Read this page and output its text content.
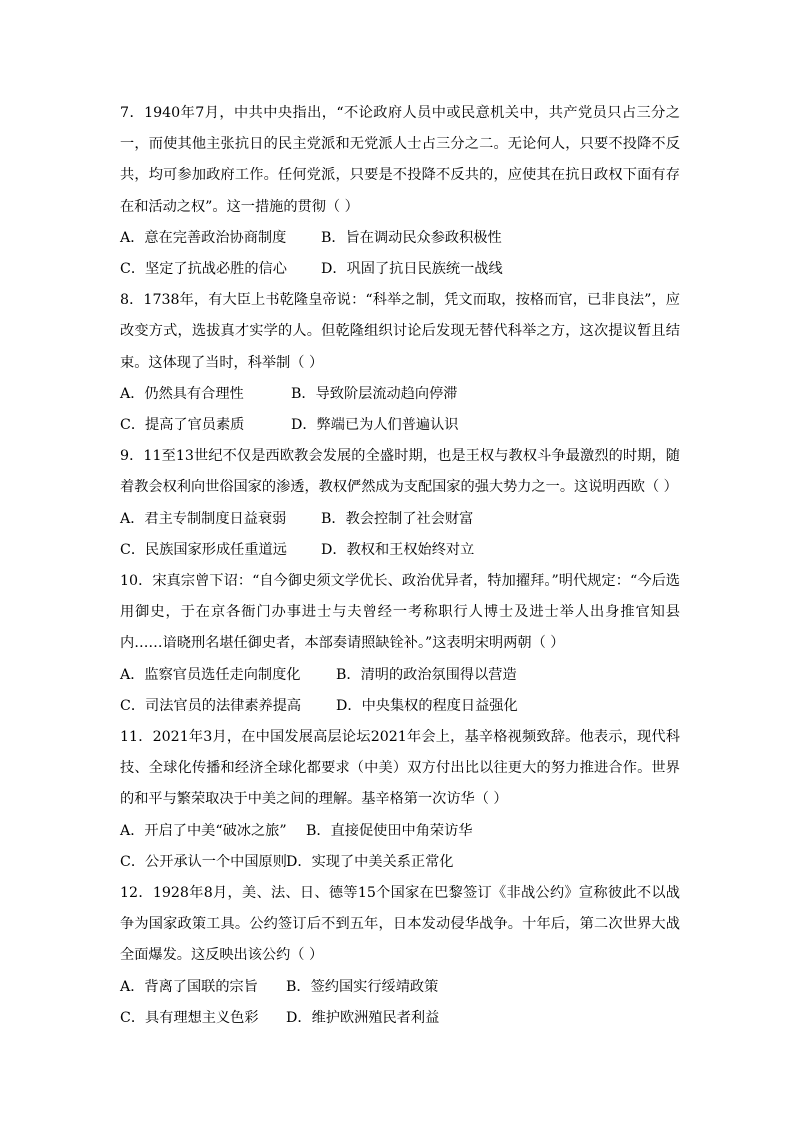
7．1940年7月，中共中央指出，“不论政府人员中或民意机关中，共产党员只占三分之一，而使其他主张抗日的民主党派和无党派人士占三分之二。无论何人，只要不投降不反共，均可参加政府工作。任何党派，只要是不投降不反共的，应使其在抗日政权下面有存在和活动之权”。这一措施的贯彻（ ）

A．意在完善政治协商制度	B．旨在调动民众参政积极性
C．坚定了抗战必胜的信心	D．巩固了抗日民族统一战线

8．1738年，有大臣上书乾隆皇帝说：“科举之制，凭文而取，按格而官，已非良法”，应改变方式，选拔真才实学的人。但乾隆组织讨论后发现无替代科举之方，这次提议暂且结束。这体现了当时，科举制（ ）

A．仍然具有合理性	B．导致阶层流动趋向停滞
C．提高了官员素质	D．弊端已为人们普遍认识

9．11至13世纪不仅是西欧教会发展的全盛时期，也是王权与教权斗争最激烈的时期，随着教会权利向世俗国家的渗透，教权俨然成为支配国家的强大势力之一。这说明西欧（ ）

A．君主专制制度日益衰弱	B．教会控制了社会财富
C．民族国家形成任重道远	D．教权和王权始终对立

10．宋真宗曾下诏：“自今御史须文学优长、政治优异者，特加擢拜。”明代规定：“今后选用御史，于在京各衙门办事进士与夫曾经一考称职行人博士及进士举人出身推官知县内……谙晓刑名堪任御史者，本部奏请照缺铨补。”这表明宋明两朝（ ）

A．监察官员选任走向制度化	B．清明的政治氛围得以营造
C．司法官员的法律素养提高	D．中央集权的程度日益强化

11．2021年3月，在中国发展高层论坛2021年会上，基辛格视频致辞。他表示，现代科技、全球化传播和经济全球化都要求（中美）双方付出比以往更大的努力推进合作。世界的和平与繁荣取决于中美之间的理解。基辛格第一次访华（ ）

A．开启了中美“破冰之旅”	B．直接促使田中角荣访华
C．公开承认一个中国原则 D．实现了中美关系正常化

12．1928年8月，美、法、日、德等15个国家在巴黎签订《非战公约》宣称彼此不以战争为国家政策工具。公约签订后不到五年，日本发动侵华战争。十年后，第二次世界大战全面爆发。这反映出该公约（ ）

A．背离了国联的宗旨	B．签约国实行绥靖政策
C．具有理想主义色彩	D．维护欧洲殖民者利益
